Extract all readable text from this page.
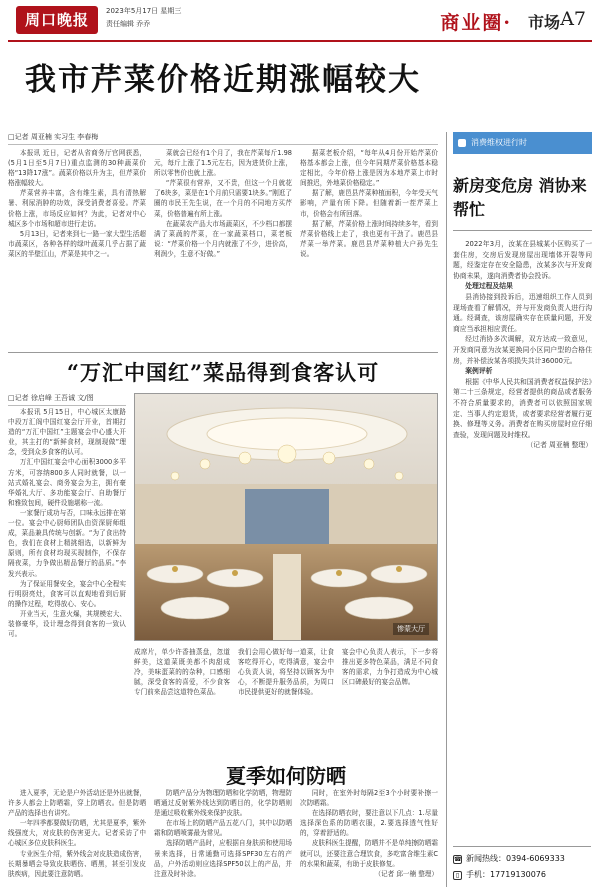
周口晚报	2023年5月17日 星期三
责任编辑 乔乔	商业圈· 市场 A7
我市芹菜价格近期涨幅较大
□记者 周亚楠 实习生 李春梅

本报讯 近日，记者从省商务厅官网获悉，(5月1日至5月7日)重点监测的30种蔬菜价格“13降17涨”。蔬菜价格以升为主，但芹菜价格涨幅较大。

芹菜营养丰富，含有维生素，具有清热解暑、利尿消肿的功效，深受消费者喜爱。芹菜价格上涨，市场反应如何？为此，记者对中心城区多个市场和超市进行走访。

5月13日，记者来到七一路一家大型生活超市蔬菜区，各种各样的绿叶蔬菜几乎占据了蔬菜区的半壁江山，芹菜是其中之一。

菜就会已经有1个月了，我在芹菜每斤1.98元，每斤上涨了1.5元左右，因为进货价上涨，所以零售价也就上涨。

“芹菜很有营养，又不贵，但这一个月就花了6块多，菜是在1个月前只需要1块多。”刚逛了圈的市民王先生说，在一个月的不同地方买芹菜，价格普遍有所上涨。

在蔬菜农产品大市场蔬菜区，不少档口都摆满了菜蔬的芹菜，在一家蔬菜档口，菜老板说：“芹菜价格一个月内就涨了不少，进价高，利润少，生意不好做。”

据菜老板介绍，“每年从4月份开始芹菜价格基本都会上涨，但今年同期芹菜价格基本稳定相比，今年价格上涨是因为本地芹菜上市时间推迟，外地菜价格稳定。”

据了解，鹿邑县芹菜种植面积，今年受天气影响，产量有所下降。但随着新一茬芹菜上市，价格会有所回落。

据了解，芹菜价格上涨时间持续多年，看到芹菜价格线上走了，我也更有干劲了。鹿邑县芹菜一举芹菜。鹿邑县芹菜种植大户孙先生说。

“万汇中国红”菜品得到食客认可
□记者 徐启峰 王吾诚 文/图

本报讯 5月15日，中心城区太康路中段万汇阁中国红宴会厅开业，首期打造的“万汇中国红”主题宴会中心盛大开业，其主打的“新鲜食材，现制现做”理念，受到众多食客的认可。

万汇中国红宴会中心面积3000多平方米，可容纳800多人同时就餐，以一站式婚礼宴会、商务宴会为主，拥有豪华婚礼大厅、多功能宴会厅、自助餐厅和雅致包间，硬件设施堪称一流。

一家餐厅成功与否，口味永远排在第一位。宴会中心厨师团队由资深厨师组成，菜品兼具传统与创新。“为了食出特色，我们在食材上精挑细选，以新鲜为原则，所有食材均现买现制作，不保存隔夜菜，力争做出精品餐厅的品质。”李发兴表示。

为了保证用餐安全，宴会中心全程实行明厨亮灶，食客可以直观地看到后厨的操作过程，吃得放心、安心。

开业当天，生意火爆，其规模宏大、装修豪华，设计理念得到食客的一致认可。

惨蒙大厅
成席片，单少许香抽蒸盘，忽道鲜美，这道菜既美都不肉甜成冷，美味蛋菜的的杂种，口感细腻，深受食客的喜爱，不少食客专门前来品尝这道特色菜品。
我们会用心做好每一道菜，让食客吃得开心，吃得满意，宴会中心负责人说，将坚持以顾客为中心，不断提升服务品质，为周口市民提供更好的就餐体验。
宴会中心负责人表示，下一步将推出更多特色菜品，满足不同食客的需求，力争打造成为中心城区口碑最好的宴会品牌。
夏季如何防晒

进入夏季，无论是户外活动还是外出就餐，许多人都会上防晒霜，穿上防晒衣。但是防晒产品的选择也有讲究。

一年四季都要做好防晒，尤其是夏季，紫外线强度大，对皮肤的伤害更大。记者采访了中心城区多位皮肤科医生。

专业医生介绍，紫外线会对皮肤造成伤害，长期暴晒会导致皮肤晒伤、晒黑，甚至引发皮肤疾病，因此要注意防晒。

防晒产品分为物理防晒和化学防晒，物理防晒通过反射紫外线达到防晒目的，化学防晒则是通过吸收紫外线来保护皮肤。

在市场上的防晒产品五花八门，其中以防晒霜和防晒喷雾最为常见。

选择防晒产品时，应根据自身肤质和使用场景来选择，日常通勤可选择SPF30左右的产品，户外活动则应选择SPF50以上的产品，并注意及时补涂。

同时，在室外时每隔2至3个小时要补擦一次防晒霜。

在选择防晒衣时，要注意以下几点：1.尽量选择深色系的防晒衣服，2.要选择透气性好的，穿着舒适的。

皮肤科医生提醒，防晒并不是单纯擦防晒霜就可以，还要注意合理饮食，多吃富含维生素C的水果和蔬菜，有助于皮肤修复。

（记者 邱一楠 整理）

消费维权进行时
新房变危房 消协来帮忙

2022年3月，汝某在县城某小区购买了一套住房，交房后发现房屋出现墙体开裂等问题，经鉴定存在安全隐患，汝某多次与开发商协商未果，遂向消费者协会投诉。

处理过程及结果

县消协接到投诉后，迅速组织工作人员到现场查看了解情况，并与开发商负责人进行沟通。经调查，该房屋确实存在质量问题，开发商应当承担相应责任。

经过消协多次调解，双方达成一致意见，开发商同意为汝某更换同小区同户型的合格住房，并补偿汝某各项损失共计36000元。

案例评析

根据《中华人民共和国消费者权益保护法》第二十三条规定，经营者提供的商品或者服务不符合质量要求的，消费者可以依照国家规定、当事人约定退货，或者要求经营者履行更换、修理等义务。消费者在购买房屋时应仔细查验，发现问题及时维权。

（记者 周亚楠 整理）

☎ 新闻热线： 0394-6069333
▯ 手机： 17719130076
